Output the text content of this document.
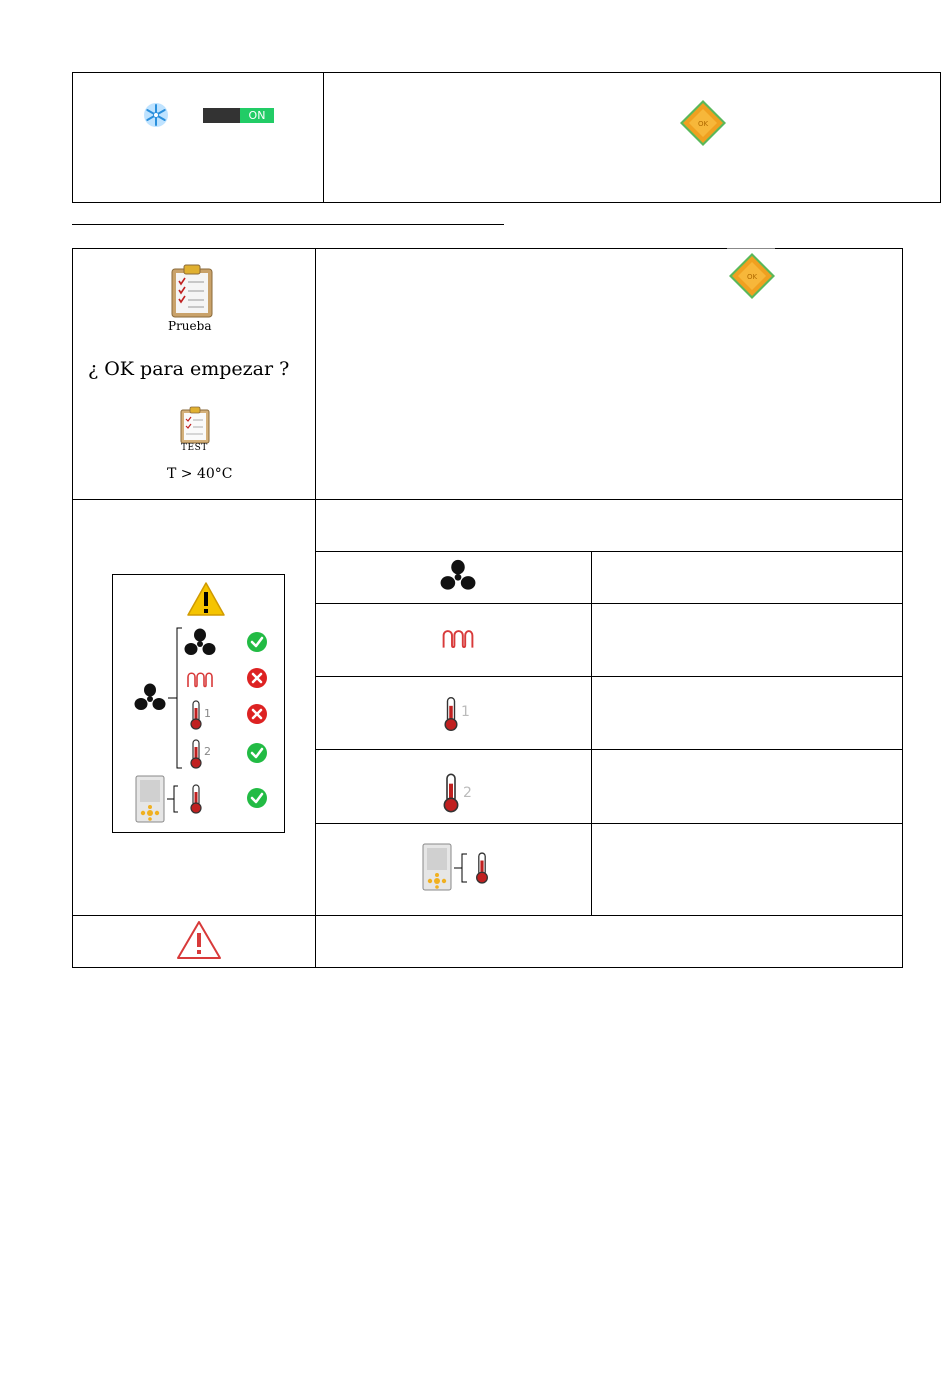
ON
OK
Prueba
¿ OK para empezar ?
TEST
T > 40°C
OK
1
2
1
2
